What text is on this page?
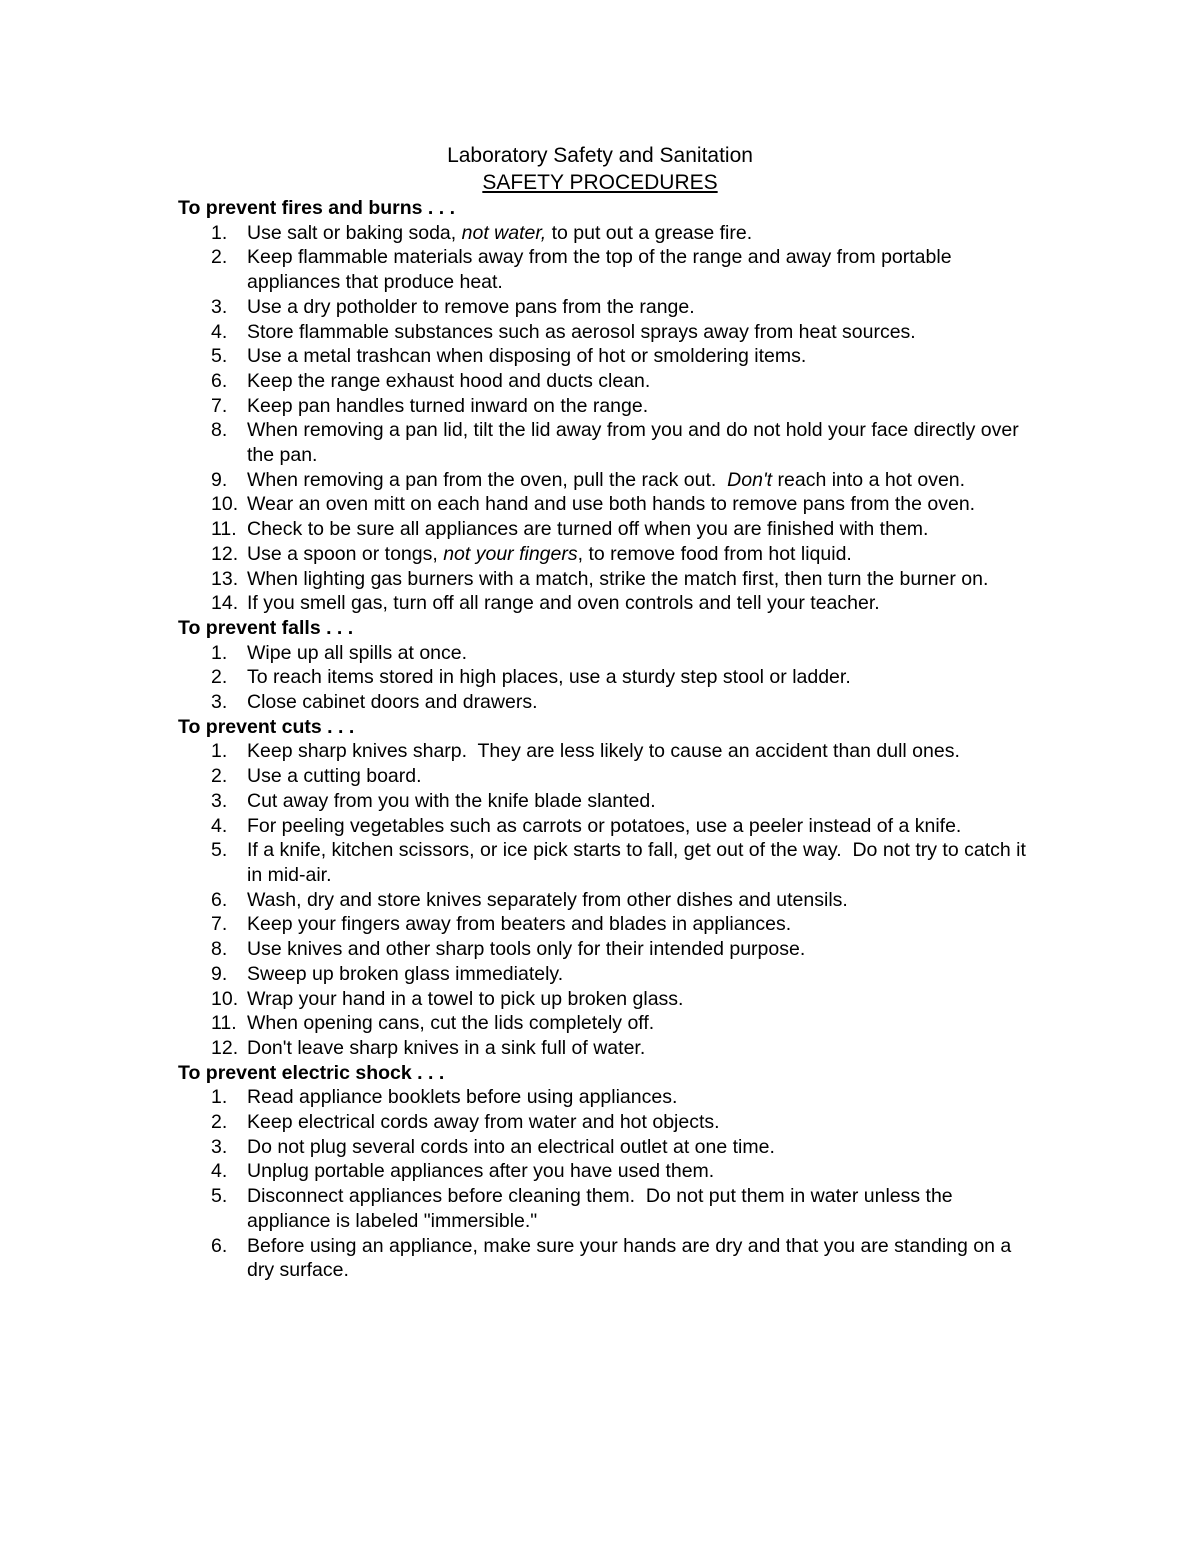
Laboratory Safety and Sanitation
SAFETY PROCEDURES
To prevent fires and burns . . .
1.	Use salt or baking soda, not water, to put out a grease fire.
2.	Keep flammable materials away from the top of the range and away from portable appliances that produce heat.
3.	Use a dry potholder to remove pans from the range.
4.	Store flammable substances such as aerosol sprays away from heat sources.
5.	Use a metal trashcan when disposing of hot or smoldering items.
6.	Keep the range exhaust hood and ducts clean.
7.	Keep pan handles turned inward on the range.
8.	When removing a pan lid, tilt the lid away from you and do not hold your face directly over the pan.
9.	When removing a pan from the oven, pull the rack out.  Don't reach into a hot oven.
10. Wear an oven mitt on each hand and use both hands to remove pans from the oven.
11. Check to be sure all appliances are turned off when you are finished with them.
12. Use a spoon or tongs, not your fingers, to remove food from hot liquid.
13. When lighting gas burners with a match, strike the match first, then turn the burner on.
14. If you smell gas, turn off all range and oven controls and tell your teacher.
To prevent falls . . .
1.	Wipe up all spills at once.
2.	To reach items stored in high places, use a sturdy step stool or ladder.
3.	Close cabinet doors and drawers.
To prevent cuts . . .
1.	Keep sharp knives sharp.  They are less likely to cause an accident than dull ones.
2.	Use a cutting board.
3.	Cut away from you with the knife blade slanted.
4.	For peeling vegetables such as carrots or potatoes, use a peeler instead of a knife.
5.	If a knife, kitchen scissors, or ice pick starts to fall, get out of the way.  Do not try to catch it in mid-air.
6.	Wash, dry and store knives separately from other dishes and utensils.
7.	Keep your fingers away from beaters and blades in appliances.
8.	Use knives and other sharp tools only for their intended purpose.
9.	Sweep up broken glass immediately.
10. Wrap your hand in a towel to pick up broken glass.
11. When opening cans, cut the lids completely off.
12. Don't leave sharp knives in a sink full of water.
To prevent electric shock . . .
1.	Read appliance booklets before using appliances.
2.	Keep electrical cords away from water and hot objects.
3.	Do not plug several cords into an electrical outlet at one time.
4.	Unplug portable appliances after you have used them.
5.	Disconnect appliances before cleaning them.  Do not put them in water unless the appliance is labeled "immersible."
6.	Before using an appliance, make sure your hands are dry and that you are standing on a dry surface.
